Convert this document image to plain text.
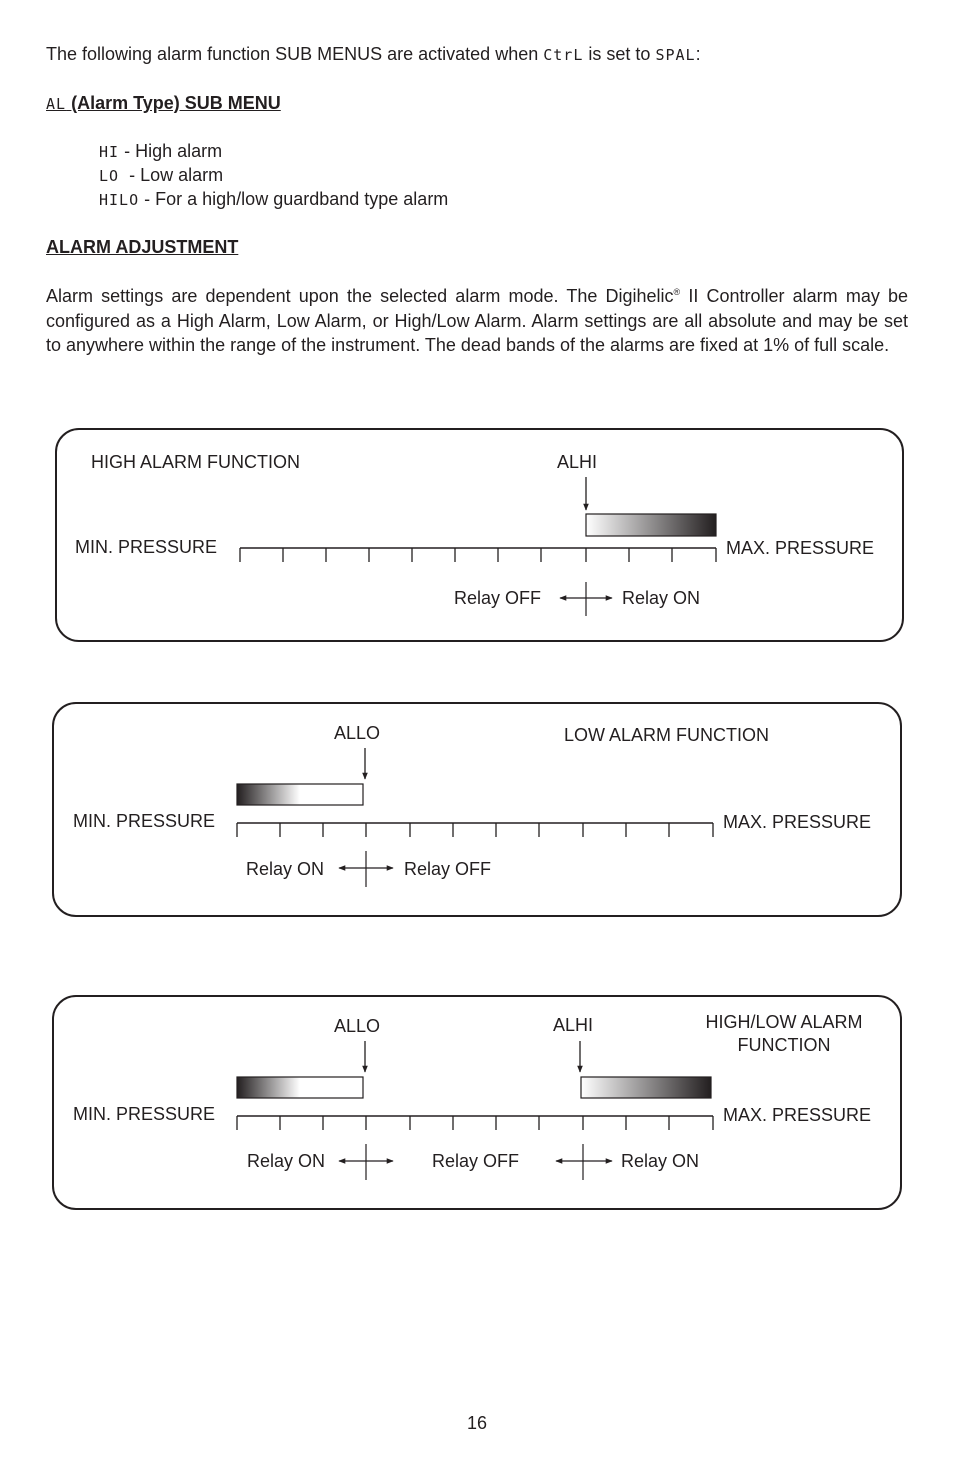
The following alarm function SUB MENUS are activated when CtrL is set to SPAL:
AL (Alarm Type) SUB MENU
HI - High alarm
LO - Low alarm
HILO - For a high/low guardband type alarm
ALARM ADJUSTMENT
Alarm settings are dependent upon the selected alarm mode. The Digihelic® II Controller alarm may be configured as a High Alarm, Low Alarm, or High/Low Alarm. Alarm settings are all absolute and may be set to anywhere within the range of the instrument. The dead bands of the alarms are fixed at 1% of full scale.
HIGH ALARM FUNCTION	ALHI
MIN. PRESSURE	MAX. PRESSURE
Relay OFF	Relay ON
ALLO	LOW ALARM FUNCTION
MIN. PRESSURE	MAX. PRESSURE
Relay ON	Relay OFF
ALLO	ALHI	HIGH/LOW ALARM
FUNCTION
MIN. PRESSURE	MAX. PRESSURE
Relay ON	Relay OFF	Relay ON
16
